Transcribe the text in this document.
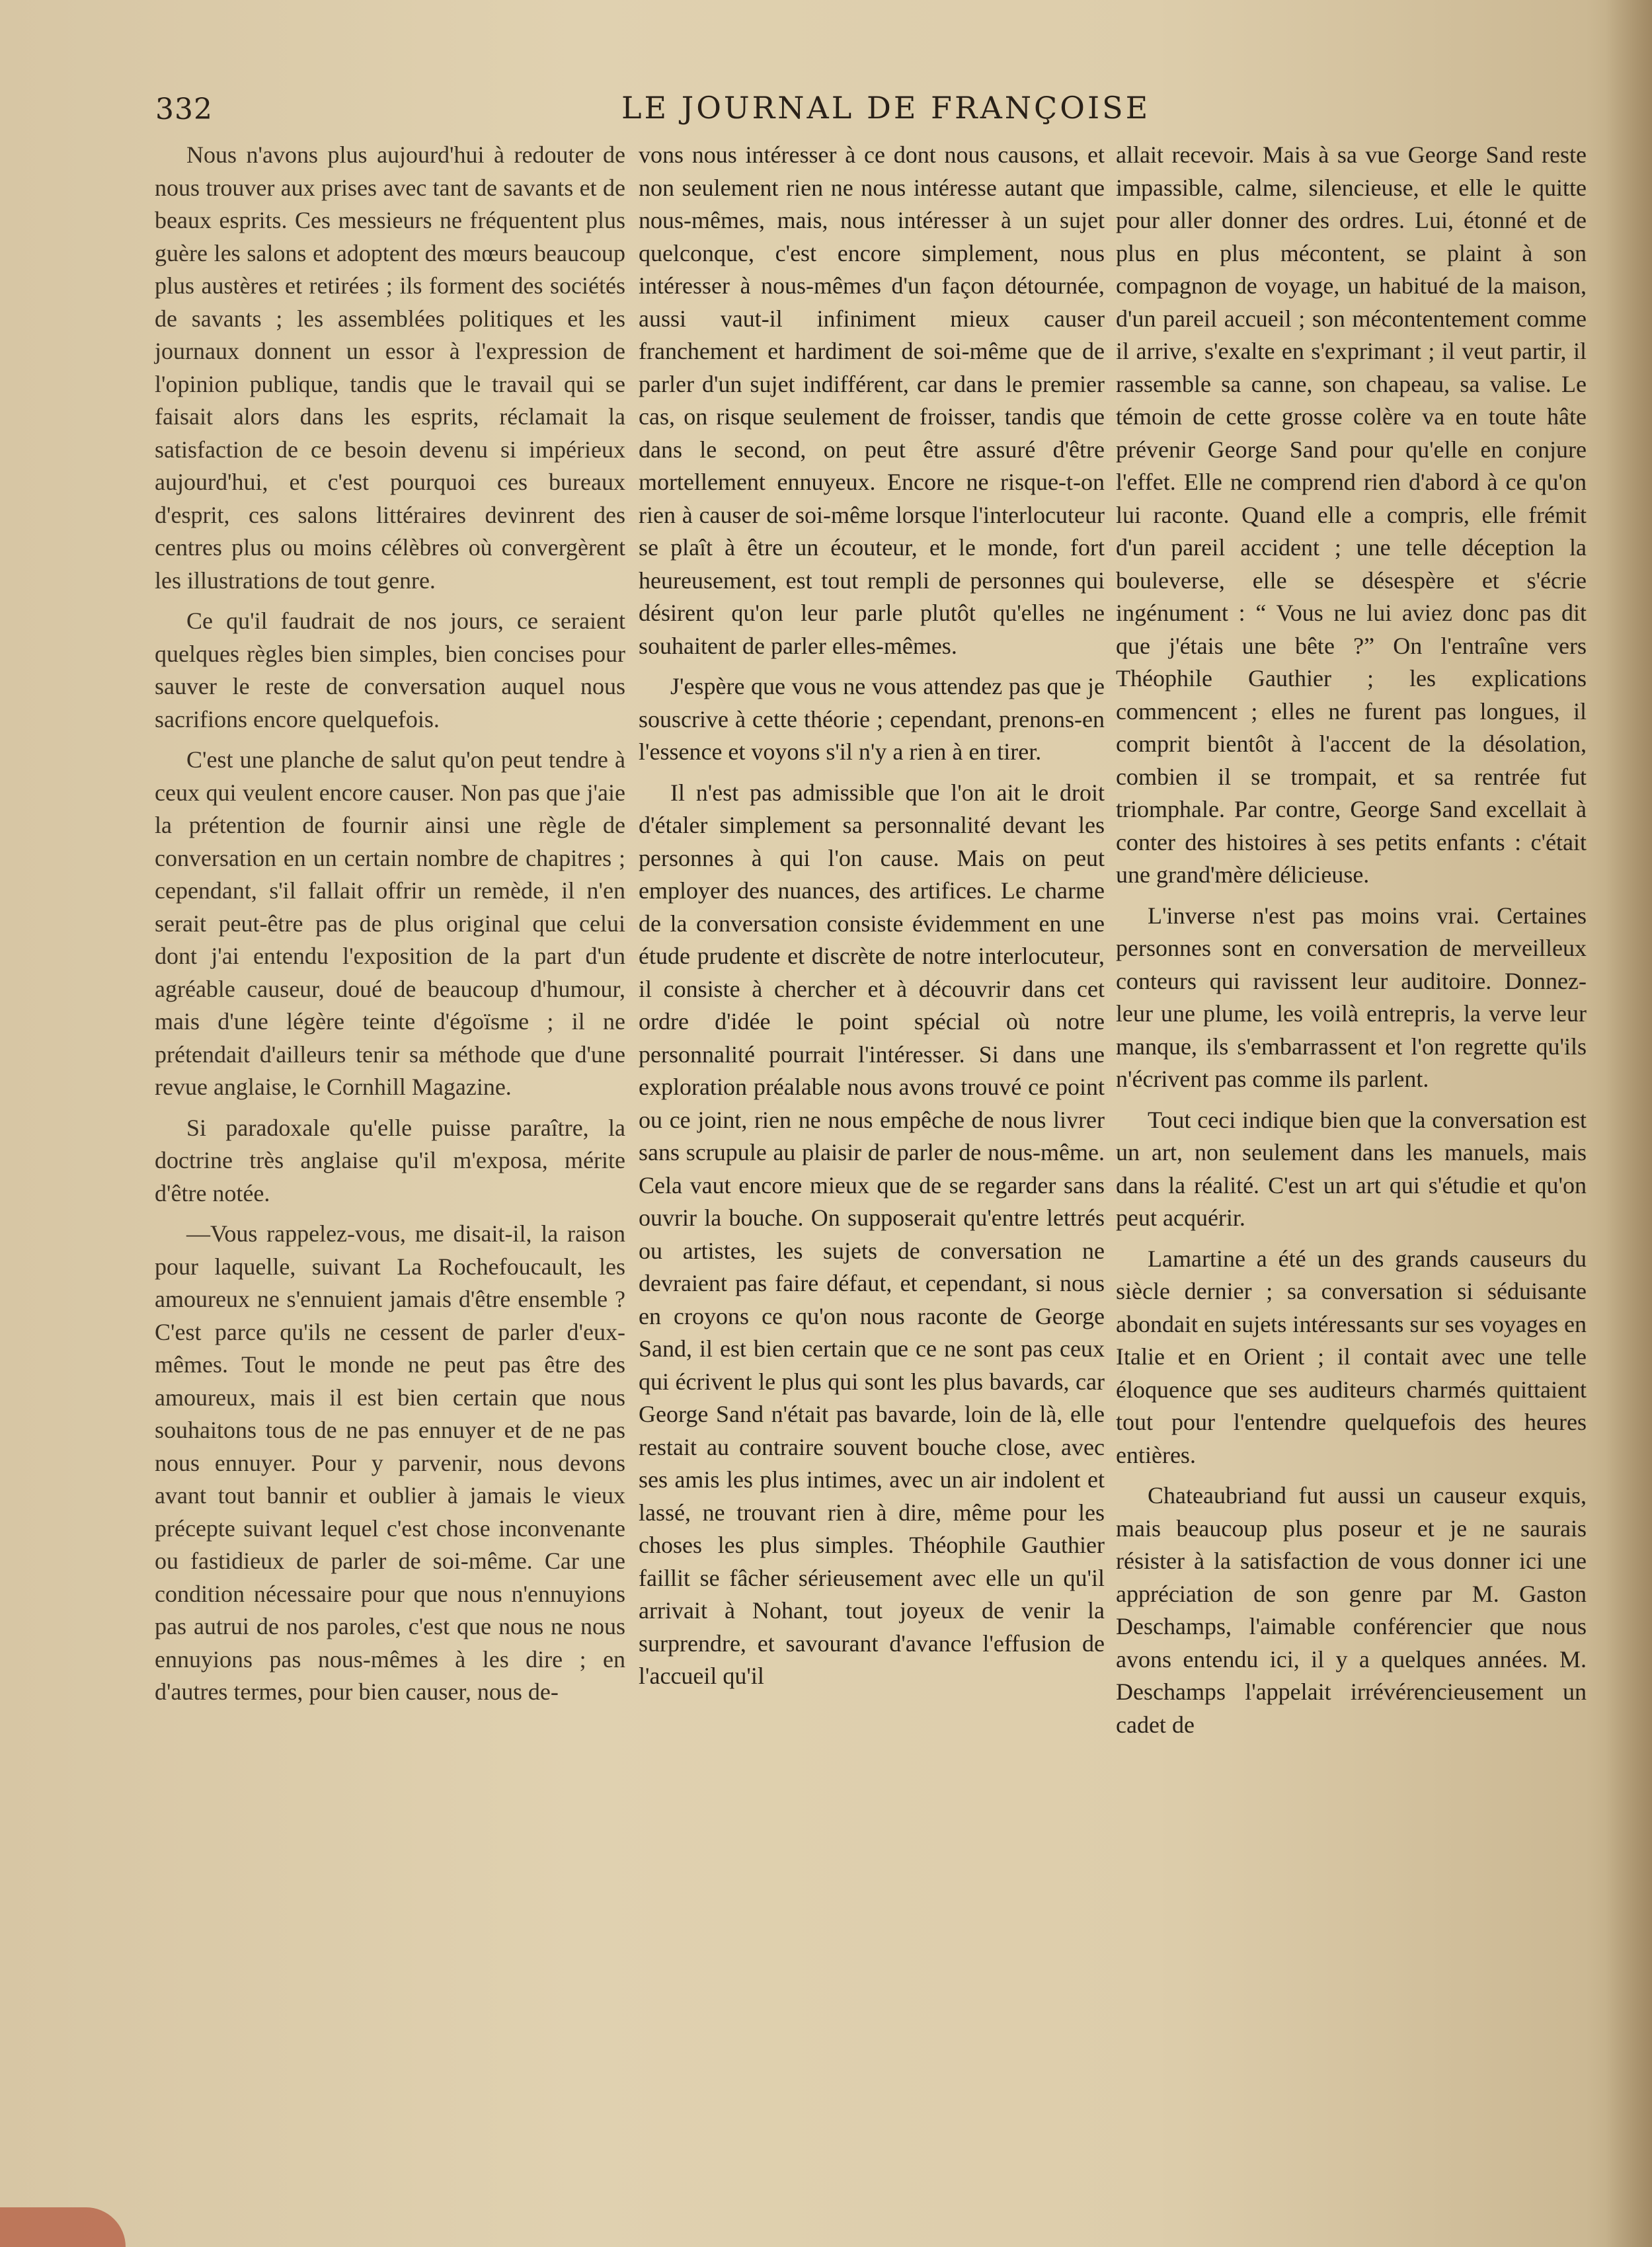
332	LE JOURNAL DE FRANÇOISE

Nous n'avons plus aujourd'hui à redouter de nous trouver aux prises avec tant de savants et de beaux esprits. Ces messieurs ne fréquentent plus guère les salons et adoptent des mœurs beaucoup plus austères et retirées ; ils forment des sociétés de savants ; les assemblées politiques et les journaux donnent un essor à l'expression de l'opinion publique, tandis que le travail qui se faisait alors dans les esprits, réclamait la satisfaction de ce besoin devenu si impérieux aujourd'hui, et c'est pourquoi ces bureaux d'esprit, ces salons littéraires devinrent des centres plus ou moins célèbres où convergèrent les illustrations de tout genre.

Ce qu'il faudrait de nos jours, ce seraient quelques règles bien simples, bien concises pour sauver le reste de conversation auquel nous sacrifions encore quelquefois.

C'est une planche de salut qu'on peut tendre à ceux qui veulent encore causer. Non pas que j'aie la prétention de fournir ainsi une règle de conversation en un certain nombre de chapitres ; cependant, s'il fallait offrir un remède, il n'en serait peut-être pas de plus original que celui dont j'ai entendu l'exposition de la part d'un agréable causeur, doué de beaucoup d'humour, mais d'une légère teinte d'égoïsme ; il ne prétendait d'ailleurs tenir sa méthode que d'une revue anglaise, le Cornhill Magazine.

Si paradoxale qu'elle puisse paraître, la doctrine très anglaise qu'il m'exposa, mérite d'être notée.

—Vous rappelez-vous, me disait-il, la raison pour laquelle, suivant La Rochefoucault, les amoureux ne s'ennuient jamais d'être ensemble ? C'est parce qu'ils ne cessent de parler d'eux-mêmes. Tout le monde ne peut pas être des amoureux, mais il est bien certain que nous souhaitons tous de ne pas ennuyer et de ne pas nous ennuyer. Pour y parvenir, nous devons avant tout bannir et oublier à jamais le vieux précepte suivant lequel c'est chose inconvenante ou fastidieux de parler de soi-même. Car une condition nécessaire pour que nous n'ennuyions pas autrui de nos paroles, c'est que nous ne nous ennuyions pas nous-mêmes à les dire ; en d'autres termes, pour bien causer, nous de-

vons nous intéresser à ce dont nous causons, et non seulement rien ne nous intéresse autant que nous-mêmes, mais, nous intéresser à un sujet quelconque, c'est encore simplement, nous intéresser à nous-mêmes d'un façon détournée, aussi vaut-il infiniment mieux causer franchement et hardiment de soi-même que de parler d'un sujet indifférent, car dans le premier cas, on risque seulement de froisser, tandis que dans le second, on peut être assuré d'être mortellement ennuyeux. Encore ne risque-t-on rien à causer de soi-même lorsque l'interlocuteur se plaît à être un écouteur, et le monde, fort heureusement, est tout rempli de personnes qui désirent qu'on leur parle plutôt qu'elles ne souhaitent de parler elles-mêmes.

J'espère que vous ne vous attendez pas que je souscrive à cette théorie ; cependant, prenons-en l'essence et voyons s'il n'y a rien à en tirer.

Il n'est pas admissible que l'on ait le droit d'étaler simplement sa personnalité devant les personnes à qui l'on cause. Mais on peut employer des nuances, des artifices. Le charme de la conversation consiste évidemment en une étude prudente et discrète de notre interlocuteur, il consiste à chercher et à découvrir dans cet ordre d'idée le point spécial où notre personnalité pourrait l'intéresser. Si dans une exploration préalable nous avons trouvé ce point ou ce joint, rien ne nous empêche de nous livrer sans scrupule au plaisir de parler de nous-même. Cela vaut encore mieux que de se regarder sans ouvrir la bouche. On supposerait qu'entre lettrés ou artistes, les sujets de conversation ne devraient pas faire défaut, et cependant, si nous en croyons ce qu'on nous raconte de George Sand, il est bien certain que ce ne sont pas ceux qui écrivent le plus qui sont les plus bavards, car George Sand n'était pas bavarde, loin de là, elle restait au contraire souvent bouche close, avec ses amis les plus intimes, avec un air indolent et lassé, ne trouvant rien à dire, même pour les choses les plus simples. Théophile Gauthier faillit se fâcher sérieusement avec elle un qu'il arrivait à Nohant, tout joyeux de venir la surprendre, et savourant d'avance l'effusion de l'accueil qu'il

allait recevoir. Mais à sa vue George Sand reste impassible, calme, silencieuse, et elle le quitte pour aller donner des ordres. Lui, étonné et de plus en plus mécontent, se plaint à son compagnon de voyage, un habitué de la maison, d'un pareil accueil ; son mécontentement comme il arrive, s'exalte en s'exprimant ; il veut partir, il rassemble sa canne, son chapeau, sa valise. Le témoin de cette grosse colère va en toute hâte prévenir George Sand pour qu'elle en conjure l'effet. Elle ne comprend rien d'abord à ce qu'on lui raconte. Quand elle a compris, elle frémit d'un pareil accident ; une telle déception la bouleverse, elle se désespère et s'écrie ingénument : “ Vous ne lui aviez donc pas dit que j'étais une bête ?” On l'entraîne vers Théophile Gauthier ; les explications commencent ; elles ne furent pas longues, il comprit bientôt à l'accent de la désolation, combien il se trompait, et sa rentrée fut triomphale. Par contre, George Sand excellait à conter des histoires à ses petits enfants : c'était une grand'mère délicieuse.

L'inverse n'est pas moins vrai. Certaines personnes sont en conversation de merveilleux conteurs qui ravissent leur auditoire. Donnez-leur une plume, les voilà entrepris, la verve leur manque, ils s'embarrassent et l'on regrette qu'ils n'écrivent pas comme ils parlent.

Tout ceci indique bien que la conversation est un art, non seulement dans les manuels, mais dans la réalité. C'est un art qui s'étudie et qu'on peut acquérir.

Lamartine a été un des grands causeurs du siècle dernier ; sa conversation si séduisante abondait en sujets intéressants sur ses voyages en Italie et en Orient ; il contait avec une telle éloquence que ses auditeurs charmés quittaient tout pour l'entendre quelquefois des heures entières.

Chateaubriand fut aussi un causeur exquis, mais beaucoup plus poseur et je ne saurais résister à la satisfaction de vous donner ici une appréciation de son genre par M. Gaston Deschamps, l'aimable conférencier que nous avons entendu ici, il y a quelques années. M. Deschamps l'appelait irrévérencieusement un cadet de
